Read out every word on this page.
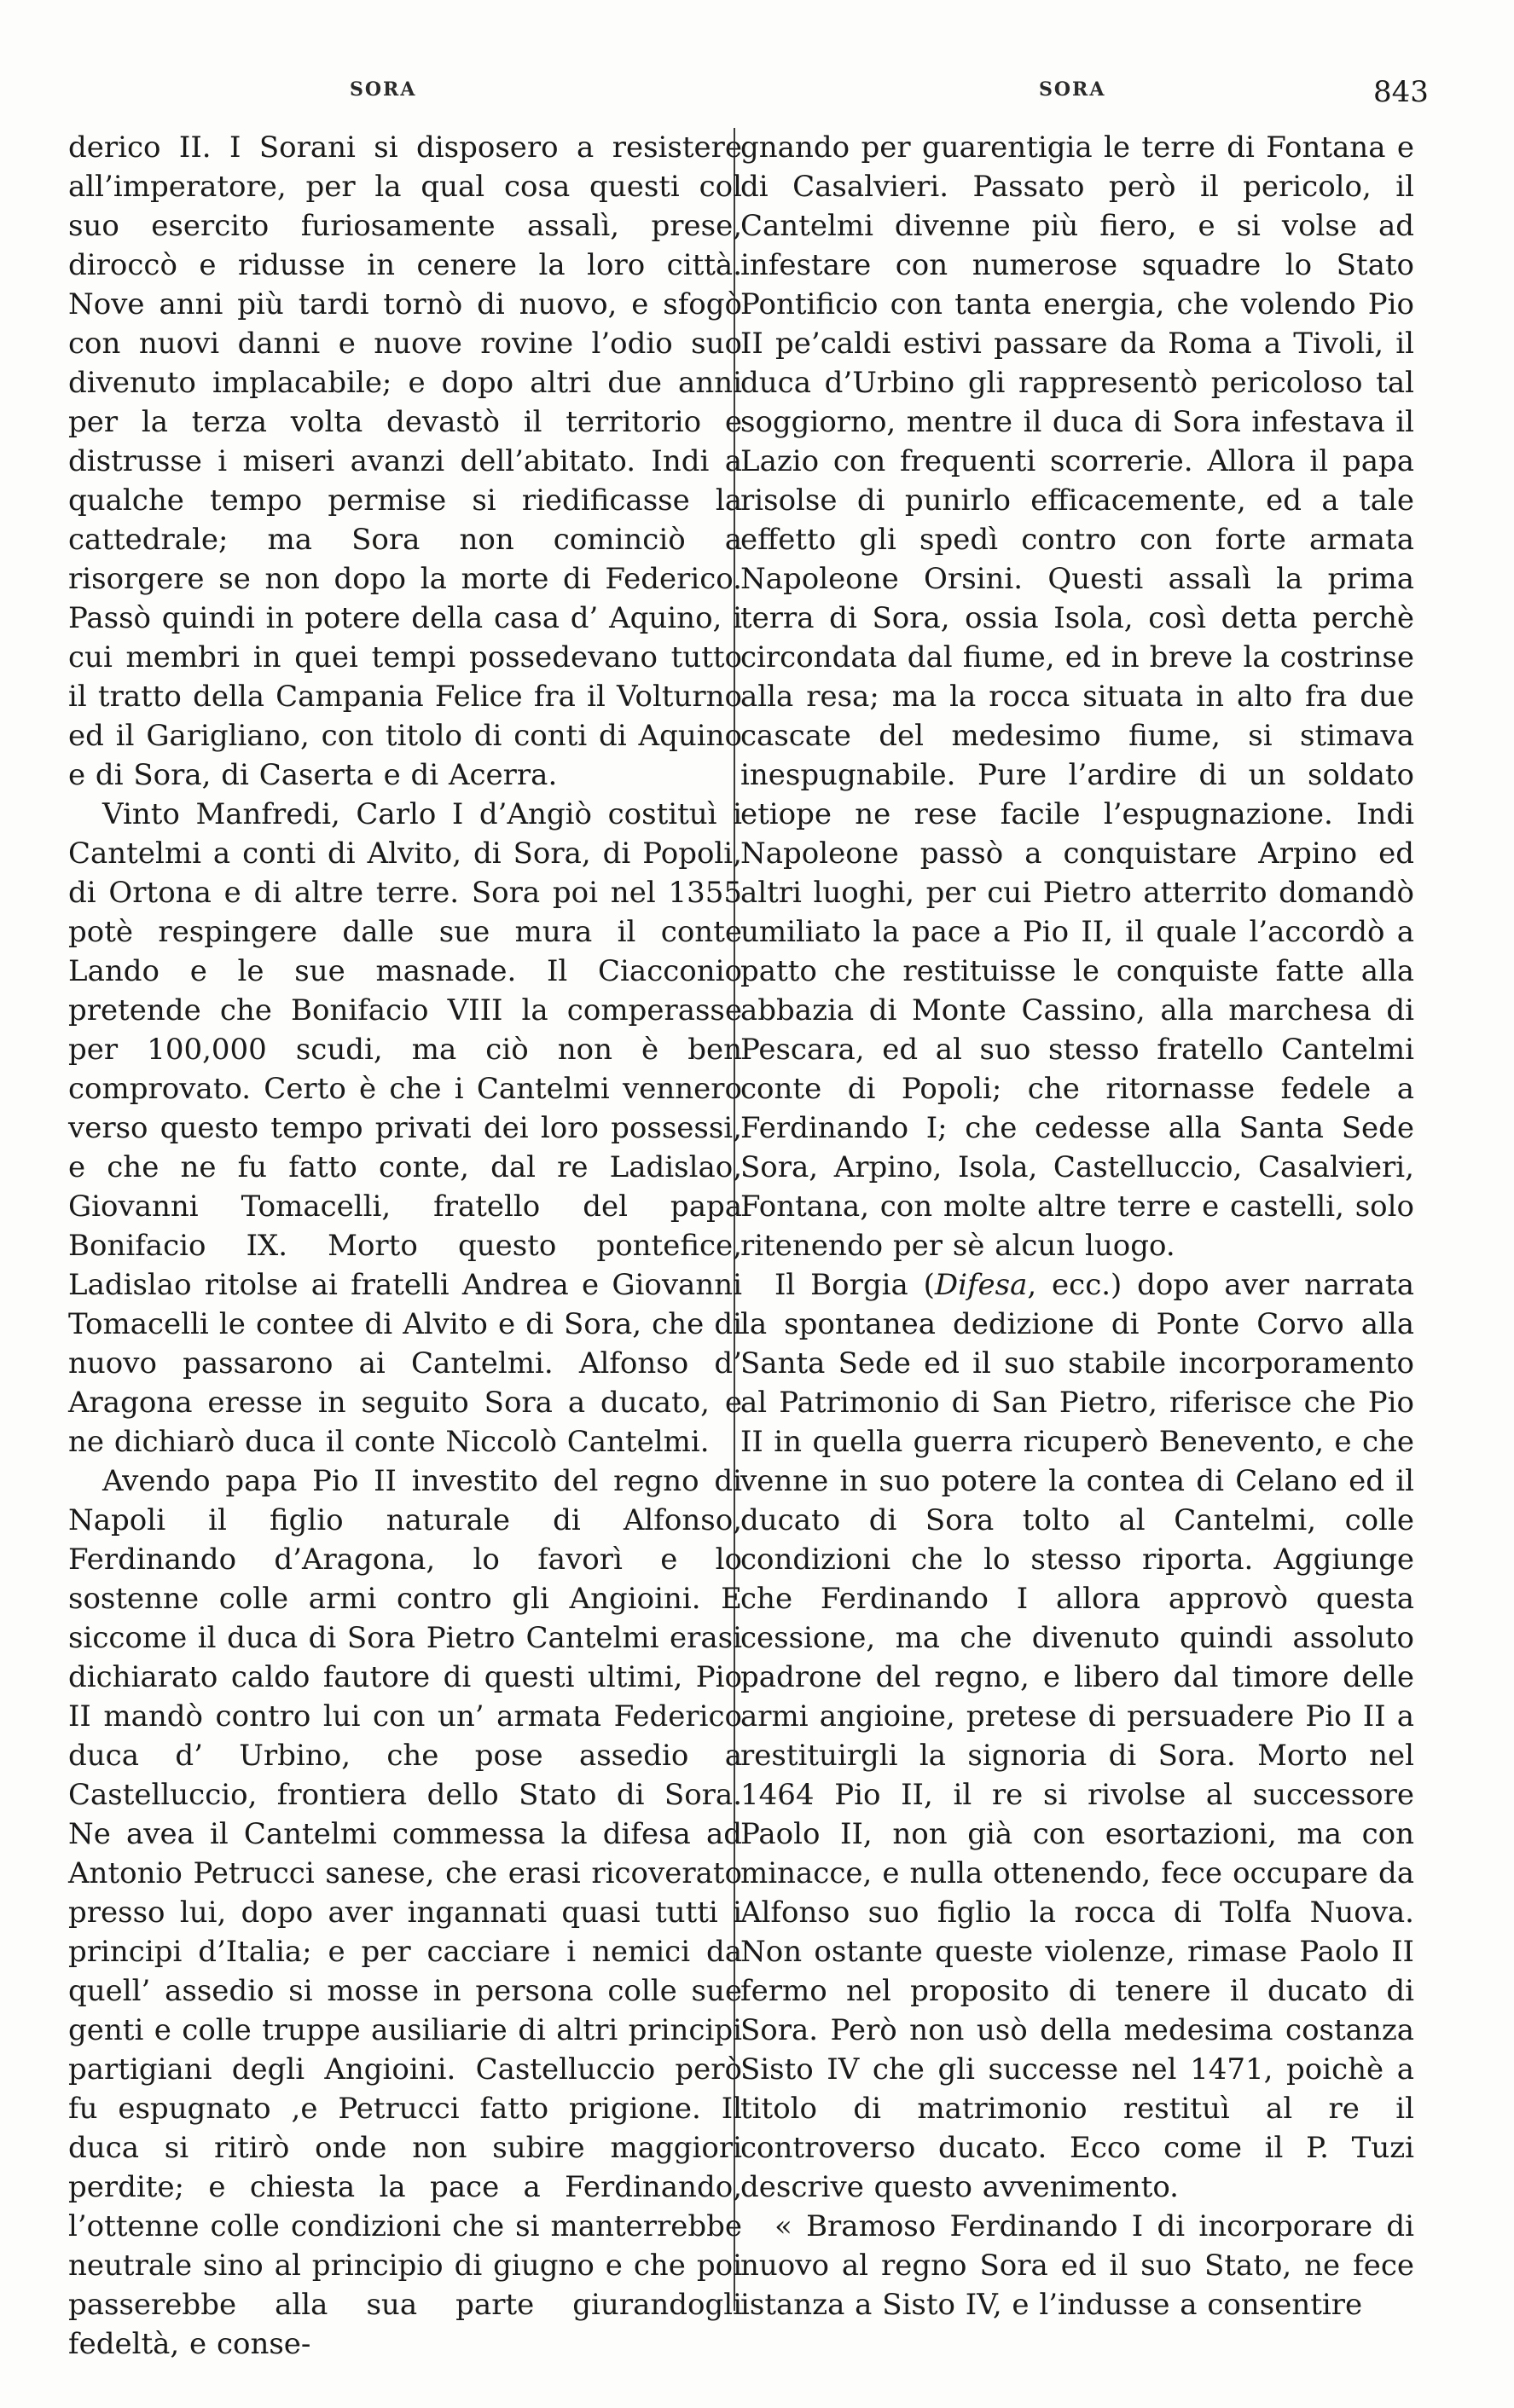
SORA	SORA	843

derico II. I Sorani si disposero a resistere all’imperatore, per la qual cosa questi col suo esercito furiosamente assalì, prese, diroccò e ridusse in cenere la loro città. Nove anni più tardi tornò di nuovo, e sfogò con nuovi danni e nuove rovine l’odio suo divenuto implacabile; e dopo altri due anni per la terza volta devastò il territorio e distrusse i miseri avanzi dell’abitato. Indi a qualche tempo permise si riedificasse la cattedrale; ma Sora non cominciò a risorgere se non dopo la morte di Federico. Passò quindi in potere della casa d’ Aquino, i cui membri in quei tempi possedevano tutto il tratto della Campania Felice fra il Volturno ed il Garigliano, con titolo di conti di Aquino e di Sora, di Caserta e di Acerra.

Vinto Manfredi, Carlo I d’Angiò costituì i Cantelmi a conti di Alvito, di Sora, di Popoli, di Ortona e di altre terre. Sora poi nel 1355 potè respingere dalle sue mura il conte Lando e le sue masnade. Il Ciacconio pretende che Bonifacio VIII la comperasse per 100,000 scudi, ma ciò non è ben comprovato. Certo è che i Cantelmi vennero verso questo tempo privati dei loro possessi, e che ne fu fatto conte, dal re Ladislao, Giovanni Tomacelli, fratello del papa Bonifacio IX. Morto questo pontefice, Ladislao ritolse ai fratelli Andrea e Giovanni Tomacelli le contee di Alvito e di Sora, che di nuovo passarono ai Cantelmi. Alfonso d’ Aragona eresse in seguito Sora a ducato, e ne dichiarò duca il conte Niccolò Cantelmi.

Avendo papa Pio II investito del regno di Napoli il figlio naturale di Alfonso, Ferdinando d’Aragona, lo favorì e lo sostenne colle armi contro gli Angioini. E siccome il duca di Sora Pietro Cantelmi erasi dichiarato caldo fautore di questi ultimi, Pio II mandò contro lui con un’ armata Federico duca d’ Urbino, che pose assedio a Castelluccio, frontiera dello Stato di Sora. Ne avea il Cantelmi commessa la difesa ad Antonio Petrucci sanese, che erasi ricoverato presso lui, dopo aver ingannati quasi tutti i principi d’Italia; e per cacciare i nemici da quell’ assedio si mosse in persona colle sue genti e colle truppe ausiliarie di altri principi partigiani degli Angioini. Castelluccio però fu espugnato ,e Petrucci fatto prigione. Il duca si ritirò onde non subire maggiori perdite; e chiesta la pace a Ferdinando, l’ottenne colle condizioni che si manterrebbe neutrale sino al principio di giugno e che poi passerebbe alla sua parte giurandogli fedeltà, e conse-

gnando per guarentigia le terre di Fontana e di Casalvieri. Passato però il pericolo, il Cantelmi divenne più fiero, e si volse ad infestare con numerose squadre lo Stato Pontificio con tanta energia, che volendo Pio II pe’caldi estivi passare da Roma a Tivoli, il duca d’Urbino gli rappresentò pericoloso tal soggiorno, mentre il duca di Sora infestava il Lazio con frequenti scorrerie. Allora il papa risolse di punirlo efficacemente, ed a tale effetto gli spedì contro con forte armata Napoleone Orsini. Questi assalì la prima terra di Sora, ossia Isola, così detta perchè circondata dal fiume, ed in breve la costrinse alla resa; ma la rocca situata in alto fra due cascate del medesimo fiume, si stimava inespugnabile. Pure l’ardire di un soldato etiope ne rese facile l’espugnazione. Indi Napoleone passò a conquistare Arpino ed altri luoghi, per cui Pietro atterrito domandò umiliato la pace a Pio II, il quale l’accordò a patto che restituisse le conquiste fatte alla abbazia di Monte Cassino, alla marchesa di Pescara, ed al suo stesso fratello Cantelmi conte di Popoli; che ritornasse fedele a Ferdinando I; che cedesse alla Santa Sede Sora, Arpino, Isola, Castelluccio, Casalvieri, Fontana, con molte altre terre e castelli, solo ritenendo per sè alcun luogo.

Il Borgia (Difesa, ecc.) dopo aver narrata la spontanea dedizione di Ponte Corvo alla Santa Sede ed il suo stabile incorporamento al Patrimonio di San Pietro, riferisce che Pio II in quella guerra ricuperò Benevento, e che venne in suo potere la contea di Celano ed il ducato di Sora tolto al Cantelmi, colle condizioni che lo stesso riporta. Aggiunge che Ferdinando I allora approvò questa cessione, ma che divenuto quindi assoluto padrone del regno, e libero dal timore delle armi angioine, pretese di persuadere Pio II a restituirgli la signoria di Sora. Morto nel 1464 Pio II, il re si rivolse al successore Paolo II, non già con esortazioni, ma con minacce, e nulla ottenendo, fece occupare da Alfonso suo figlio la rocca di Tolfa Nuova. Non ostante queste violenze, rimase Paolo II fermo nel proposito di tenere il ducato di Sora. Però non usò della medesima costanza Sisto IV che gli successe nel 1471, poichè a titolo di matrimonio restituì al re il controverso ducato. Ecco come il P. Tuzi descrive questo avvenimento.

« Bramoso Ferdinando I di incorporare di nuovo al regno Sora ed il suo Stato, ne fece istanza a Sisto IV, e l’indusse a consentire
